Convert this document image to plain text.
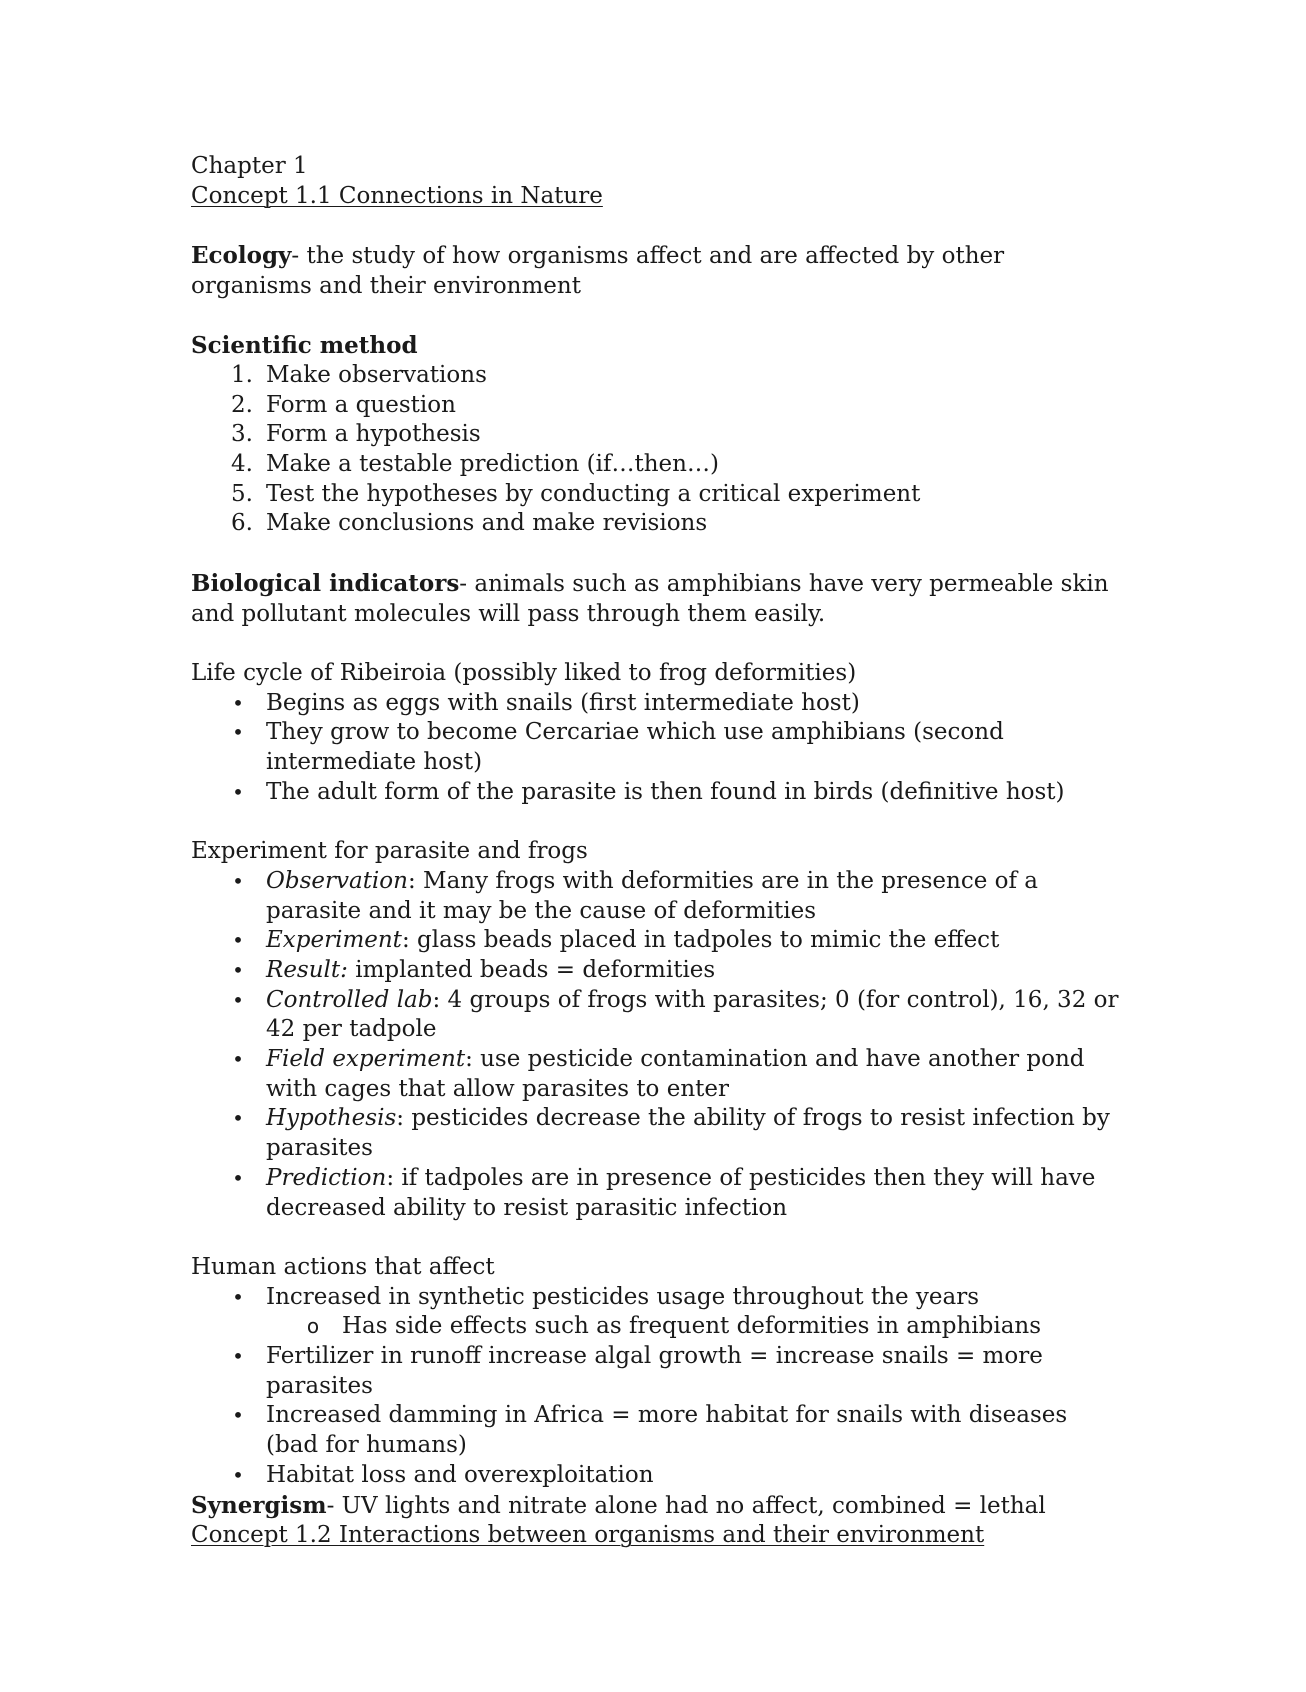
Chapter 1

Concept 1.1 Connections in Nature

Ecology- the study of how organisms affect and are affected by other organisms and their environment

Scientific method

1. Make observations
2. Form a question
3. Form a hypothesis
4. Make a testable prediction (if…then…)
5. Test the hypotheses by conducting a critical experiment
6. Make conclusions and make revisions

Biological indicators- animals such as amphibians have very permeable skin and pollutant molecules will pass through them easily.

Life cycle of Ribeiroia (possibly liked to frog deformities)

• Begins as eggs with snails (first intermediate host)
• They grow to become Cercariae which use amphibians (second intermediate host)
• The adult form of the parasite is then found in birds (definitive host)

Experiment for parasite and frogs

• Observation: Many frogs with deformities are in the presence of a parasite and it may be the cause of deformities
• Experiment: glass beads placed in tadpoles to mimic the effect
• Result: implanted beads = deformities
• Controlled lab: 4 groups of frogs with parasites; 0 (for control), 16, 32 or 42 per tadpole
• Field experiment: use pesticide contamination and have another pond with cages that allow parasites to enter
• Hypothesis: pesticides decrease the ability of frogs to resist infection by parasites
• Prediction: if tadpoles are in presence of pesticides then they will have decreased ability to resist parasitic infection

Human actions that affect

• Increased in synthetic pesticides usage throughout the years
o Has side effects such as frequent deformities in amphibians
• Fertilizer in runoff increase algal growth = increase snails = more parasites
• Increased damming in Africa = more habitat for snails with diseases (bad for humans)
• Habitat loss and overexploitation

Synergism- UV lights and nitrate alone had no affect, combined = lethal

Concept 1.2 Interactions between organisms and their environment
